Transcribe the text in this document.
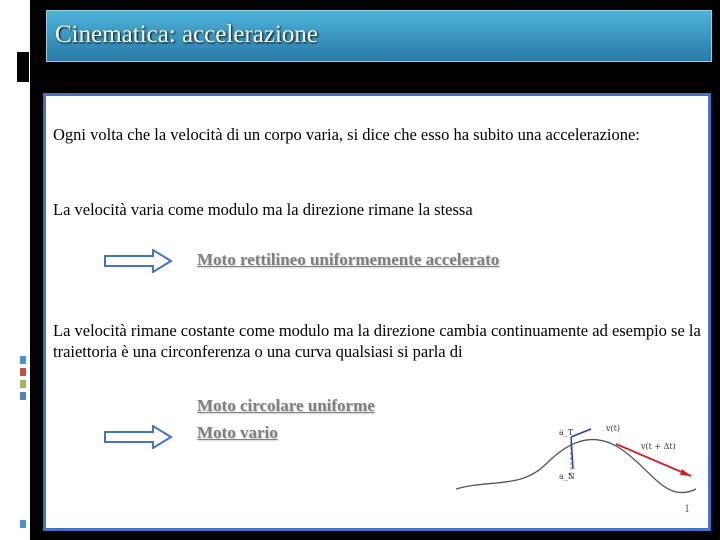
Cinematica: accelerazione
Ogni volta che la velocità di un corpo varia, si dice che esso ha subito una accelerazione:
La velocità varia come modulo ma la direzione rimane la stessa
Moto rettilineo uniformemente accelerato
La velocità rimane costante come modulo ma la direzione cambia continuamente ad esempio se la traiettoria è una circonferenza o una curva qualsiasi si parla di
Moto circolare uniforme
Moto vario	a_T
a_N
v(t)
v(t + Δt)
1
